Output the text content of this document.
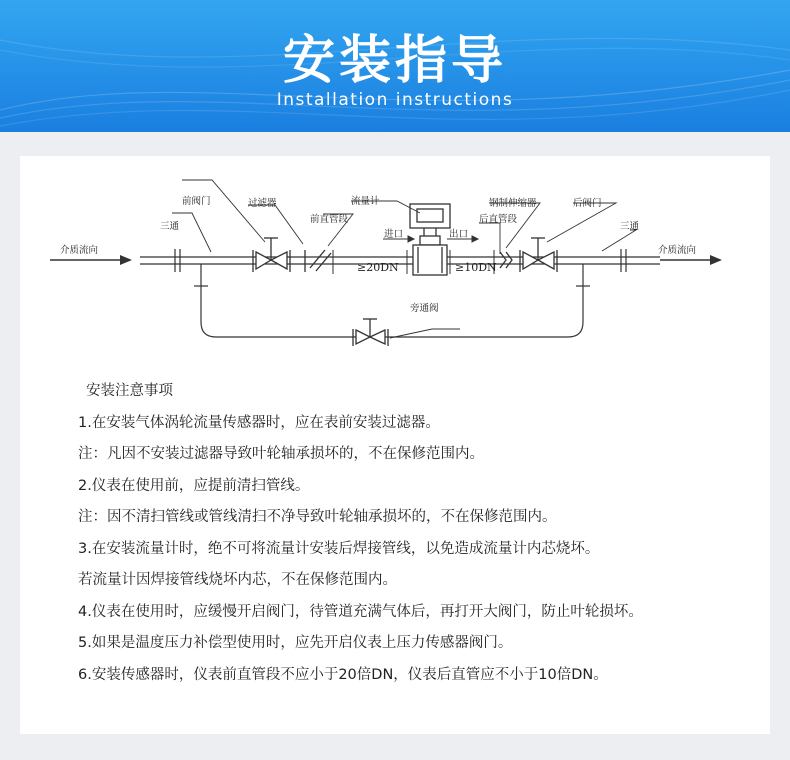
安装指导
Installation instructions
前阀门	过滤器	流量计	钢制伸缩器	后阀门
三通	三通
前直管段	后直管段
进口	出口
介质流向	介质流向
≥20DN	≥10DN
旁通阀
安装注意事项
1.在安装气体涡轮流量传感器时，应在表前安装过滤器。
注：凡因不安装过滤器导致叶轮轴承损坏的，不在保修范围内。
2.仪表在使用前，应提前清扫管线。
注：因不清扫管线或管线清扫不净导致叶轮轴承损坏的，不在保修范围内。
3.在安装流量计时，绝不可将流量计安装后焊接管线，以免造成流量计内芯烧坏。
若流量计因焊接管线烧坏内芯，不在保修范围内。
4.仪表在使用时，应缓慢开启阀门，待管道充满气体后，再打开大阀门，防止叶轮损坏。
5.如果是温度压力补偿型使用时，应先开启仪表上压力传感器阀门。
6.安装传感器时，仪表前直管段不应小于20倍DN，仪表后直管应不小于10倍DN。
